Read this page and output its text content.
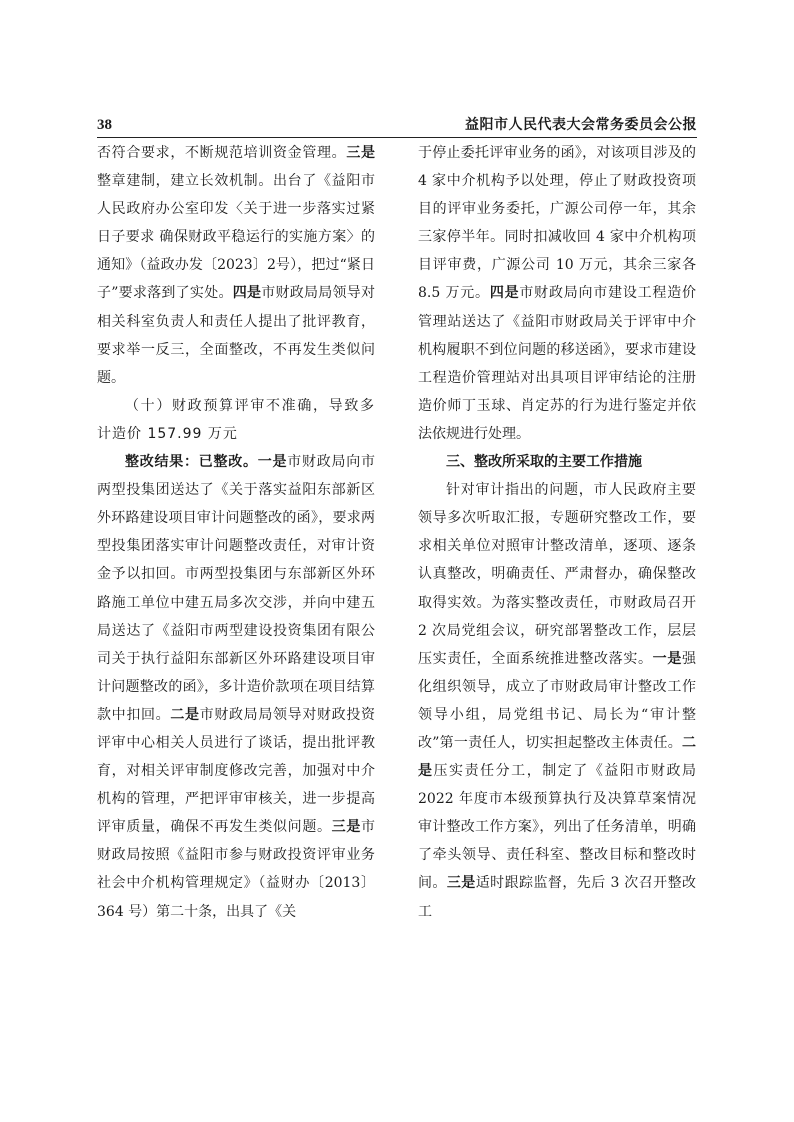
38	益阳市人民代表大会常务委员会公报

否符合要求，不断规范培训资金管理。三是整章建制，建立长效机制。出台了《益阳市人民政府办公室印发〈关于进一步落实过紧日子要求 确保财政平稳运行的实施方案〉的通知》（益政办发〔2023〕2号），把过“紧日子”要求落到了实处。四是市财政局局领导对相关科室负责人和责任人提出了批评教育，要求举一反三，全面整改，不再发生类似问题。

（十）财政预算评审不准确，导致多计造价 157.99 万元

整改结果：已整改。一是市财政局向市两型投集团送达了《关于落实益阳东部新区外环路建设项目审计问题整改的函》，要求两型投集团落实审计问题整改责任，对审计资金予以扣回。市两型投集团与东部新区外环路施工单位中建五局多次交涉，并向中建五局送达了《益阳市两型建设投资集团有限公司关于执行益阳东部新区外环路建设项目审计问题整改的函》，多计造价款项在项目结算款中扣回。二是市财政局局领导对财政投资评审中心相关人员进行了谈话，提出批评教育，对相关评审制度修改完善，加强对中介机构的管理，严把评审审核关，进一步提高评审质量，确保不再发生类似问题。三是市财政局按照《益阳市参与财政投资评审业务社会中介机构管理规定》（益财办〔2013〕364 号）第二十条，出具了《关

于停止委托评审业务的函》，对该项目涉及的 4 家中介机构予以处理，停止了财政投资项目的评审业务委托，广源公司停一年，其余三家停半年。同时扣减收回 4 家中介机构项目评审费，广源公司 10 万元，其余三家各 8.5 万元。四是市财政局向市建设工程造价管理站送达了《益阳市财政局关于评审中介机构履职不到位问题的移送函》，要求市建设工程造价管理站对出具项目评审结论的注册造价师丁玉球、肖定苏的行为进行鉴定并依法依规进行处理。

三、整改所采取的主要工作措施

针对审计指出的问题，市人民政府主要领导多次听取汇报，专题研究整改工作，要求相关单位对照审计整改清单，逐项、逐条认真整改，明确责任、严肃督办，确保整改取得实效。为落实整改责任，市财政局召开 2 次局党组会议，研究部署整改工作，层层压实责任，全面系统推进整改落实。一是强化组织领导，成立了市财政局审计整改工作领导小组，局党组书记、局长为“审计整改”第一责任人，切实担起整改主体责任。二是压实责任分工，制定了《益阳市财政局 2022 年度市本级预算执行及决算草案情况审计整改工作方案》，列出了任务清单，明确了牵头领导、责任科室、整改目标和整改时间。三是适时跟踪监督，先后 3 次召开整改工
